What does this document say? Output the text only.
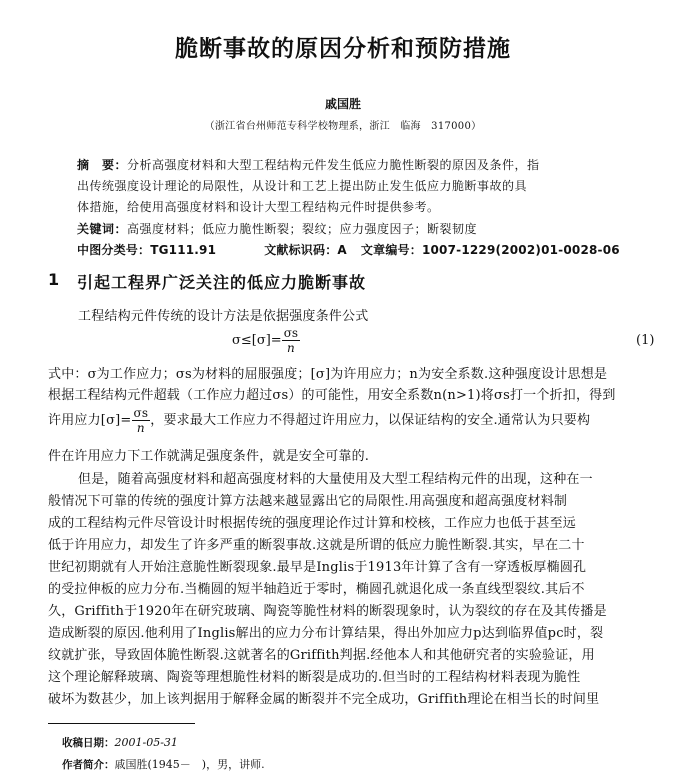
脆断事故的原因分析和预防措施
戚国胜
（浙江省台州师范专科学校物理系，浙江　临海　317000）
摘　要：分析高强度材料和大型工程结构元件发生低应力脆性断裂的原因及条件，指
出传统强度设计理论的局限性，从设计和工艺上提出防止发生低应力脆断事故的具
体措施，给使用高强度材料和设计大型工程结构元件时提供参考。
关键词：高强度材料；低应力脆性断裂；裂纹；应力强度因子；断裂韧度
中图分类号：TG111.91	文献标识码：A 文章编号：1007-1229(2002)01-0028-06
1 引起工程界广泛关注的低应力脆断事故
工程结构元件传统的设计方法是依据强度条件公式
$\sigma\le[\sigma]= \frac{\sigma s}{n}$	(1)
式中：σ为工作应力；σs为材料的屈服强度；[σ]为许用应力；n为安全系数.这种强度设计思想是
根据工程结构元件超载（工作应力超过σs）的可能性，用安全系数n(n>1)将σs打一个折扣，得到
许用应力$[\sigma]= \frac{\sigma s}{n}$ ，要求最大工作应力不得超过许用应力，以保证结构的安全.通常认为只要构
件在许用应力下工作就满足强度条件，就是安全可靠的.
但是，随着高强度材料和超高强度材料的大量使用及大型工程结构元件的出现，这种在一
般情况下可靠的传统的强度计算方法越来越显露出它的局限性.用高强度和超高强度材料制
成的工程结构元件尽管设计时根据传统的强度理论作过计算和校核，工作应力也低于甚至远
低于许用应力，却发生了许多严重的断裂事故.这就是所谓的低应力脆性断裂.其实，早在二十
世纪初期就有人开始注意脆性断裂现象.最早是Inglis于1913年计算了含有一穿透板厚椭圆孔
的受拉伸板的应力分布.当椭圆的短半轴趋近于零时，椭圆孔就退化成一条直线型裂纹.其后不
久，Griffith于1920年在研究玻璃、陶瓷等脆性材料的断裂现象时，认为裂纹的存在及其传播是
造成断裂的原因.他利用了Inglis解出的应力分布计算结果，得出外加应力p达到临界值pc时，裂
纹就扩张，导致固体脆性断裂.这就著名的Griffith判据.经他本人和其他研究者的实验验证，用
这个理论解释玻璃、陶瓷等理想脆性材料的断裂是成功的.但当时的工程结构材料表现为脆性
破坏为数甚少，加上该判据用于解释金属的断裂并不完全成功，Griffith理论在相当长的时间里
收稿日期：2001-05-31
作者简介：戚国胜(1945－　)，男，讲师.
